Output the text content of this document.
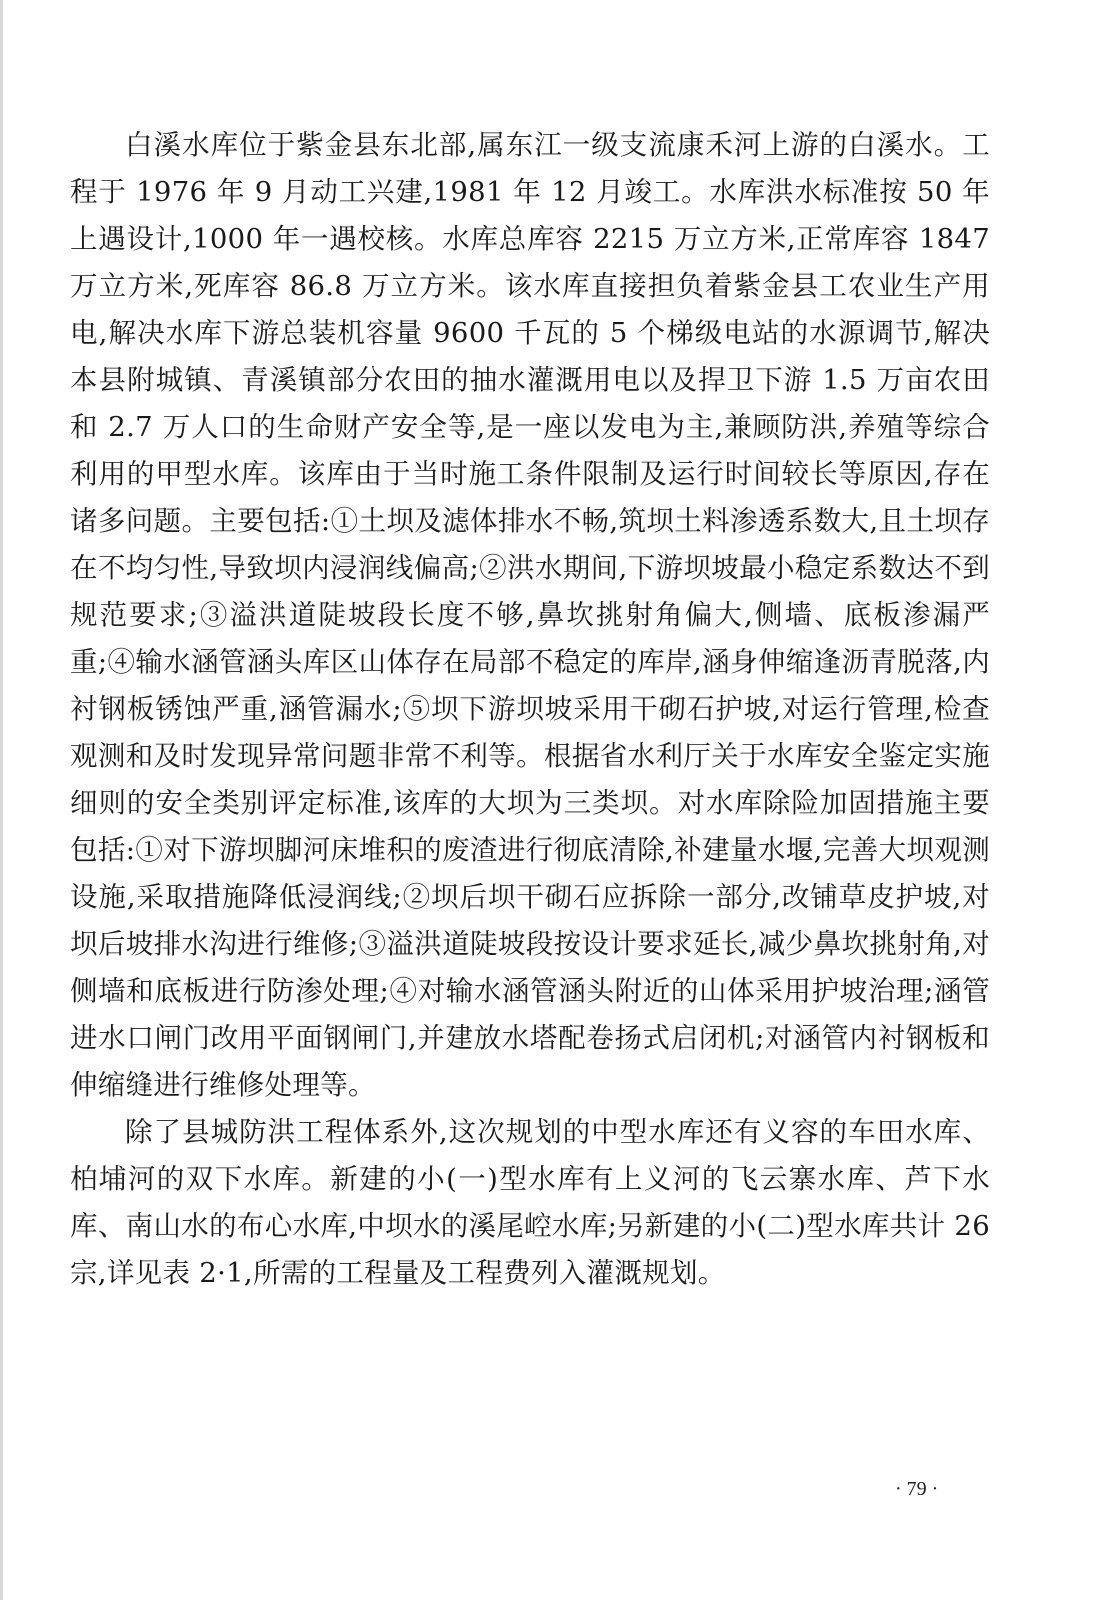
白溪水库位于紫金县东北部,属东江一级支流康禾河上游的白溪水。工程于 1976 年 9 月动工兴建,1981 年 12 月竣工。水库洪水标准按 50 年上遇设计,1000 年一遇校核。水库总库容 2215 万立方米,正常库容 1847 万立方米,死库容 86.8 万立方米。该水库直接担负着紫金县工农业生产用电,解决水库下游总装机容量 9600 千瓦的 5 个梯级电站的水源调节,解决本县附城镇、青溪镇部分农田的抽水灌溉用电以及捍卫下游 1.5 万亩农田和 2.7 万人口的生命财产安全等,是一座以发电为主,兼顾防洪,养殖等综合利用的甲型水库。该库由于当时施工条件限制及运行时间较长等原因,存在诸多问题。主要包括:①土坝及滤体排水不畅,筑坝土料渗透系数大,且土坝存在不均匀性,导致坝内浸润线偏高;②洪水期间,下游坝坡最小稳定系数达不到规范要求;③溢洪道陡坡段长度不够,鼻坎挑射角偏大,侧墙、底板渗漏严重;④输水涵管涵头库区山体存在局部不稳定的库岸,涵身伸缩逢沥青脱落,内衬钢板锈蚀严重,涵管漏水;⑤坝下游坝坡采用干砌石护坡,对运行管理,检查观测和及时发现异常问题非常不利等。根据省水利厅关于水库安全鉴定实施细则的安全类别评定标准,该库的大坝为三类坝。对水库除险加固措施主要包括:①对下游坝脚河床堆积的废渣进行彻底清除,补建量水堰,完善大坝观测设施,采取措施降低浸润线;②坝后坝干砌石应拆除一部分,改铺草皮护坡,对坝后坡排水沟进行维修;③溢洪道陡坡段按设计要求延长,减少鼻坎挑射角,对侧墙和底板进行防渗处理;④对输水涵管涵头附近的山体采用护坡治理;涵管进水口闸门改用平面钢闸门,并建放水塔配卷扬式启闭机;对涵管内衬钢板和伸缩缝进行维修处理等。

除了县城防洪工程体系外,这次规划的中型水库还有义容的车田水库、柏埔河的双下水库。新建的小(一)型水库有上义河的飞云寨水库、芦下水库、南山水的布心水库,中坝水的溪尾崆水库;另新建的小(二)型水库共计 26 宗,详见表 2·1,所需的工程量及工程费列入灌溉规划。

· 79 ·
